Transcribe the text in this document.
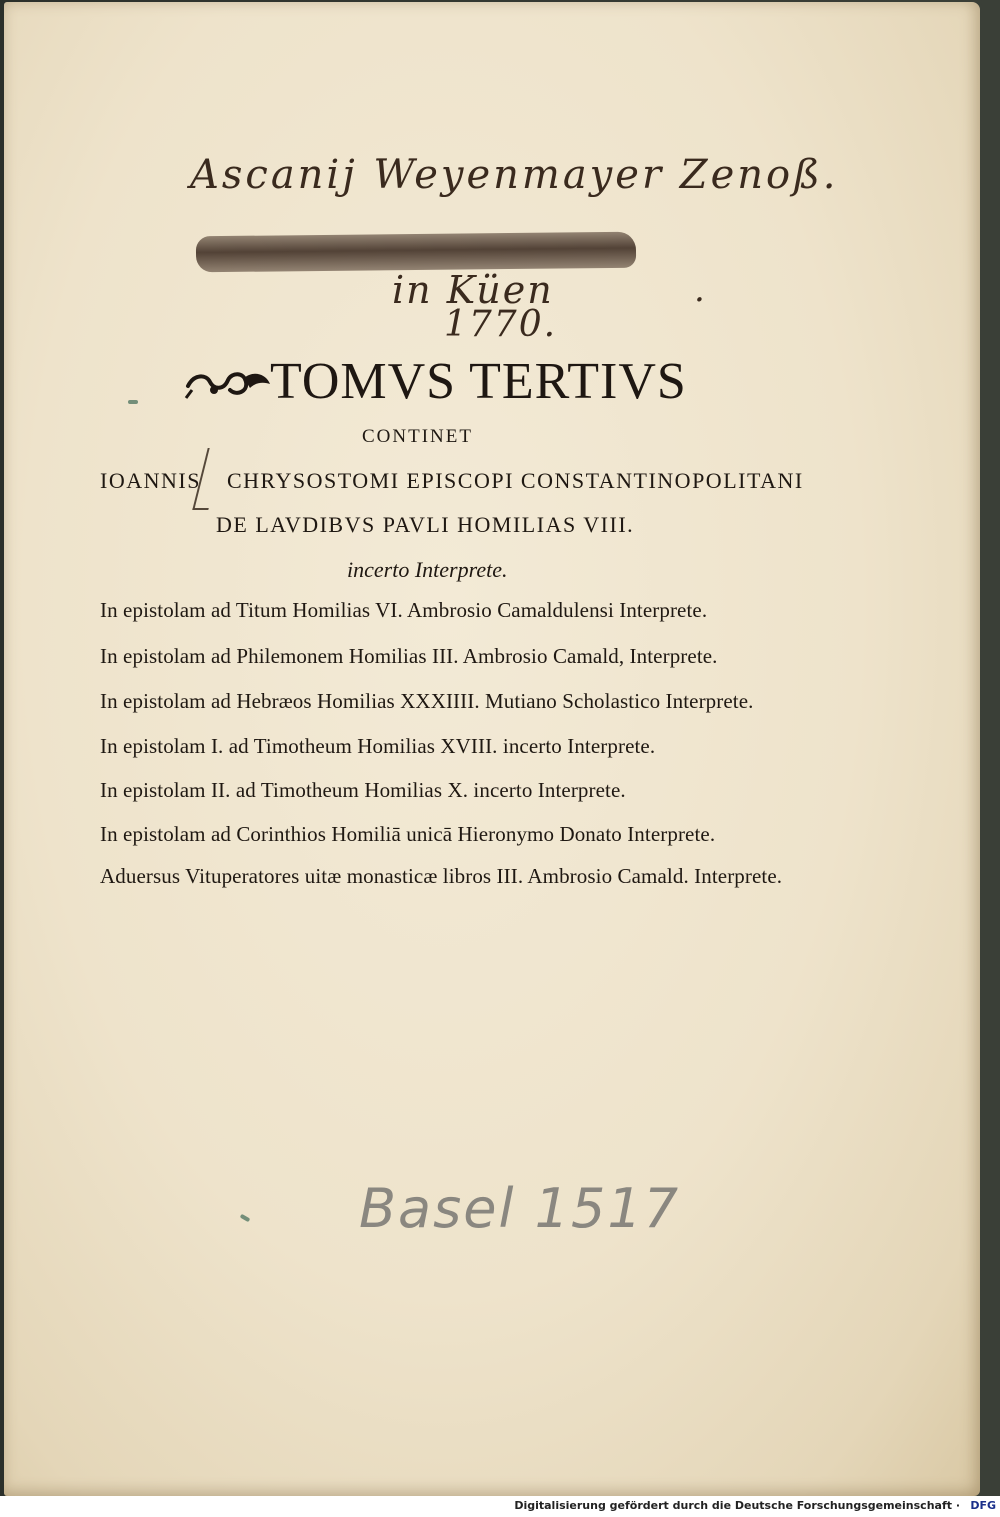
Ascanij Weyenmayer Zenoß.
in Küen	.
1770.
TOMVS TERTIVS
CONTINET
IOANNIS CHRYSOSTOMI EPISCOPI CONSTANTINOPOLITANI
DE LAVDIBVS PAVLI HOMILIAS VIII.
incerto Interprete.
In epistolam ad Titum Homilias VI. Ambrosio Camaldulensi Interprete.
In epistolam ad Philemonem Homilias III. Ambrosio Camald, Interprete.
In epistolam ad Hebræos Homilias XXXIIII. Mutiano Scholastico Interprete.
In epistolam I. ad Timotheum Homilias XVIII. incerto Interprete.
In epistolam II. ad Timotheum Homilias X. incerto Interprete.
In epistolam ad Corinthios Homiliā unicā Hieronymo Donato Interprete.
Aduersus Vituperatores uitæ monasticæ libros III. Ambrosio Camald. Interprete.
Basel 1517
Digitalisierung gefördert durch die Deutsche Forschungsgemeinschaft · DFG
